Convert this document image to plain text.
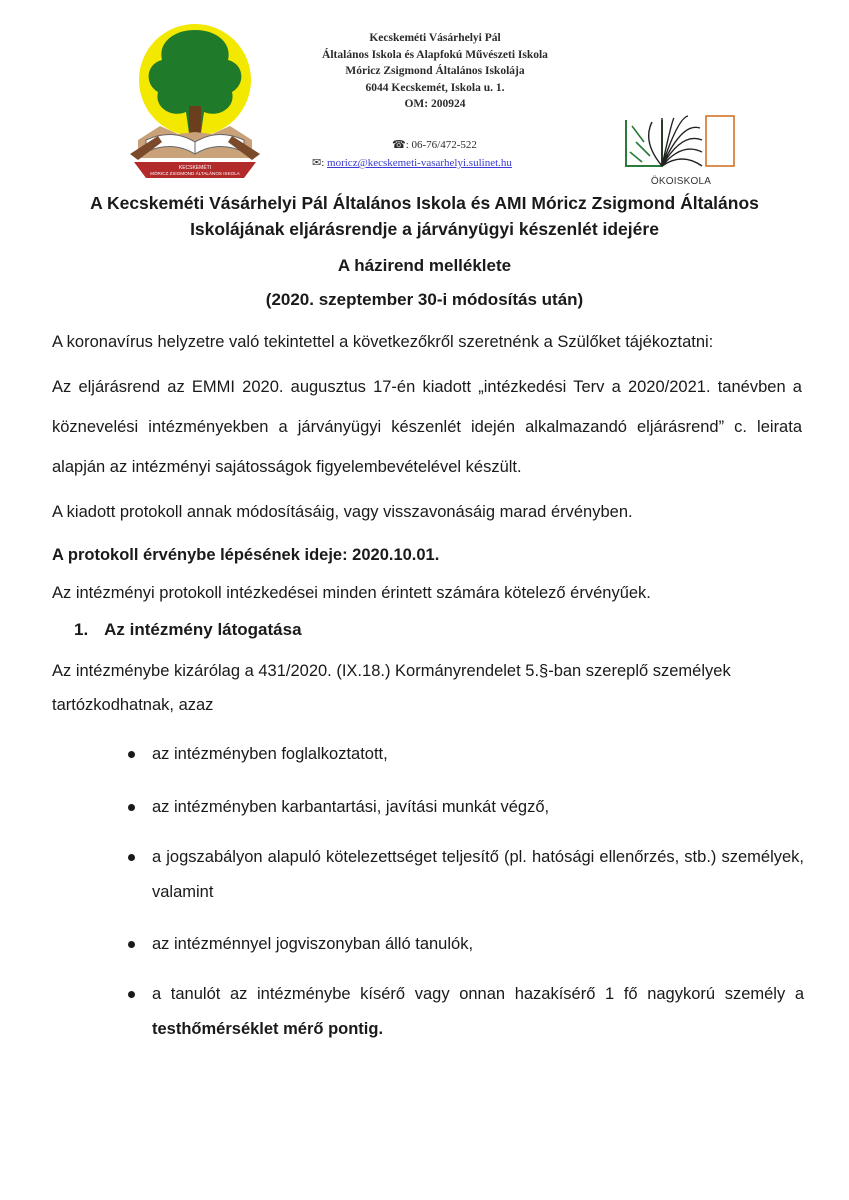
KECSKEMÉTI
MÓRICZ ZSIGMOND ÁLTALÁNOS ISKOLA
Kecskeméti Vásárhelyi Pál
Általános Iskola és Alapfokú Művészeti Iskola
Móricz Zsigmond Általános Iskolája
6044 Kecskemét, Iskola u. 1.
OM: 200924
☎: 06-76/472-522
✉: moricz@kecskemeti-vasarhelyi.sulinet.hu
ÖKOISKOLA
A Kecskeméti Vásárhelyi Pál Általános Iskola és AMI Móricz Zsigmond Általános
Iskolájának eljárásrendje a járványügyi készenlét idejére
A házirend melléklete
(2020. szeptember 30-i módosítás után)
A koronavírus helyzetre való tekintettel a következőkről szeretnénk a Szülőket tájékoztatni:
Az eljárásrend az EMMI 2020. augusztus 17-én kiadott „intézkedési Terv a 2020/2021. tanévben a köznevelési intézményekben a járványügyi készenlét idején alkalmazandó eljárásrend” c. leirata alapján az intézményi sajátosságok figyelembevételével készült.
A kiadott protokoll annak módosításáig, vagy visszavonásáig marad érvényben.
A protokoll érvénybe lépésének ideje: 2020.10.01.
Az intézményi protokoll intézkedései minden érintett számára kötelező érvényűek.
1. Az intézmény látogatása
Az intézménybe kizárólag a 431/2020. (IX.18.) Kormányrendelet 5.§-ban szereplő személyek tartózkodhatnak, azaz
az intézményben foglalkoztatott,
az intézményben karbantartási, javítási munkát végző,
a jogszabályon alapuló kötelezettséget teljesítő (pl. hatósági ellenőrzés, stb.) személyek, valamint
az intézménnyel jogviszonyban álló tanulók,
a tanulót az intézménybe kísérő vagy onnan hazakísérő 1 fő nagykorú személy a testhőmérséklet mérő pontig.
